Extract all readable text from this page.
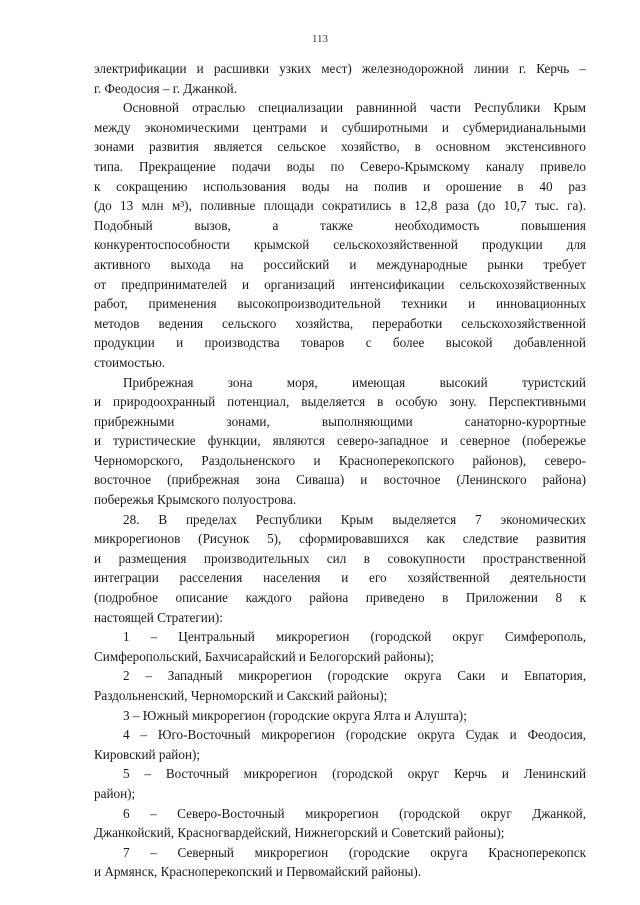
113
электрификации и расшивки узких мест) железнодорожной линии г. Керчь –
г. Феодосия – г. Джанкой.
Основной отраслью специализации равнинной части Республики Крым
между экономическими центрами и субширотными и субмеридианальными
зонами развития является сельское хозяйство, в основном экстенсивного
типа. Прекращение подачи воды по Северо-Крымскому каналу привело
к сокращению использования воды на полив и орошение в 40 раз
(до 13 млн м³), поливные площади сократились в 12,8 раза (до 10,7 тыс. га).
Подобный вызов, а также необходимость повышения
конкурентоспособности крымской сельскохозяйственной продукции для
активного выхода на российский и международные рынки требует
от предпринимателей и организаций интенсификации сельскохозяйственных
работ, применения высокопроизводительной техники и инновационных
методов ведения сельского хозяйства, переработки сельскохозяйственной
продукции и производства товаров с более высокой добавленной
стоимостью.
Прибрежная зона моря, имеющая высокий туристский
и природоохранный потенциал, выделяется в особую зону. Перспективными
прибрежными зонами, выполняющими санаторно-курортные
и туристические функции, являются северо-западное и северное (побережье
Черноморского, Раздольненского и Красноперекопского районов), северо-
восточное (прибрежная зона Сиваша) и восточное (Ленинского района)
побережья Крымского полуострова.
28. В пределах Республики Крым выделяется 7 экономических
микрорегионов (Рисунок 5), сформировавшихся как следствие развития
и размещения производительных сил в совокупности пространственной
интеграции расселения населения и его хозяйственной деятельности
(подробное описание каждого района приведено в Приложении 8 к
настоящей Стратегии):
1 – Центральный микрорегион (городской округ Симферополь,
Симферопольский, Бахчисарайский и Белогорский районы);
2 – Западный микрорегион (городские округа Саки и Евпатория,
Раздольненский, Черноморский и Сакский районы);
3 – Южный микрорегион (городские округа Ялта и Алушта);
4 – Юго-Восточный микрорегион (городские округа Судак и Феодосия,
Кировский район);
5 – Восточный микрорегион (городской округ Керчь и Ленинский
район);
6 – Северо-Восточный микрорегион (городской округ Джанкой,
Джанкойский, Красногвардейский, Нижнегорский и Советский районы);
7 – Северный микрорегион (городские округа Красноперекопск
и Армянск, Красноперекопский и Первомайский районы).
